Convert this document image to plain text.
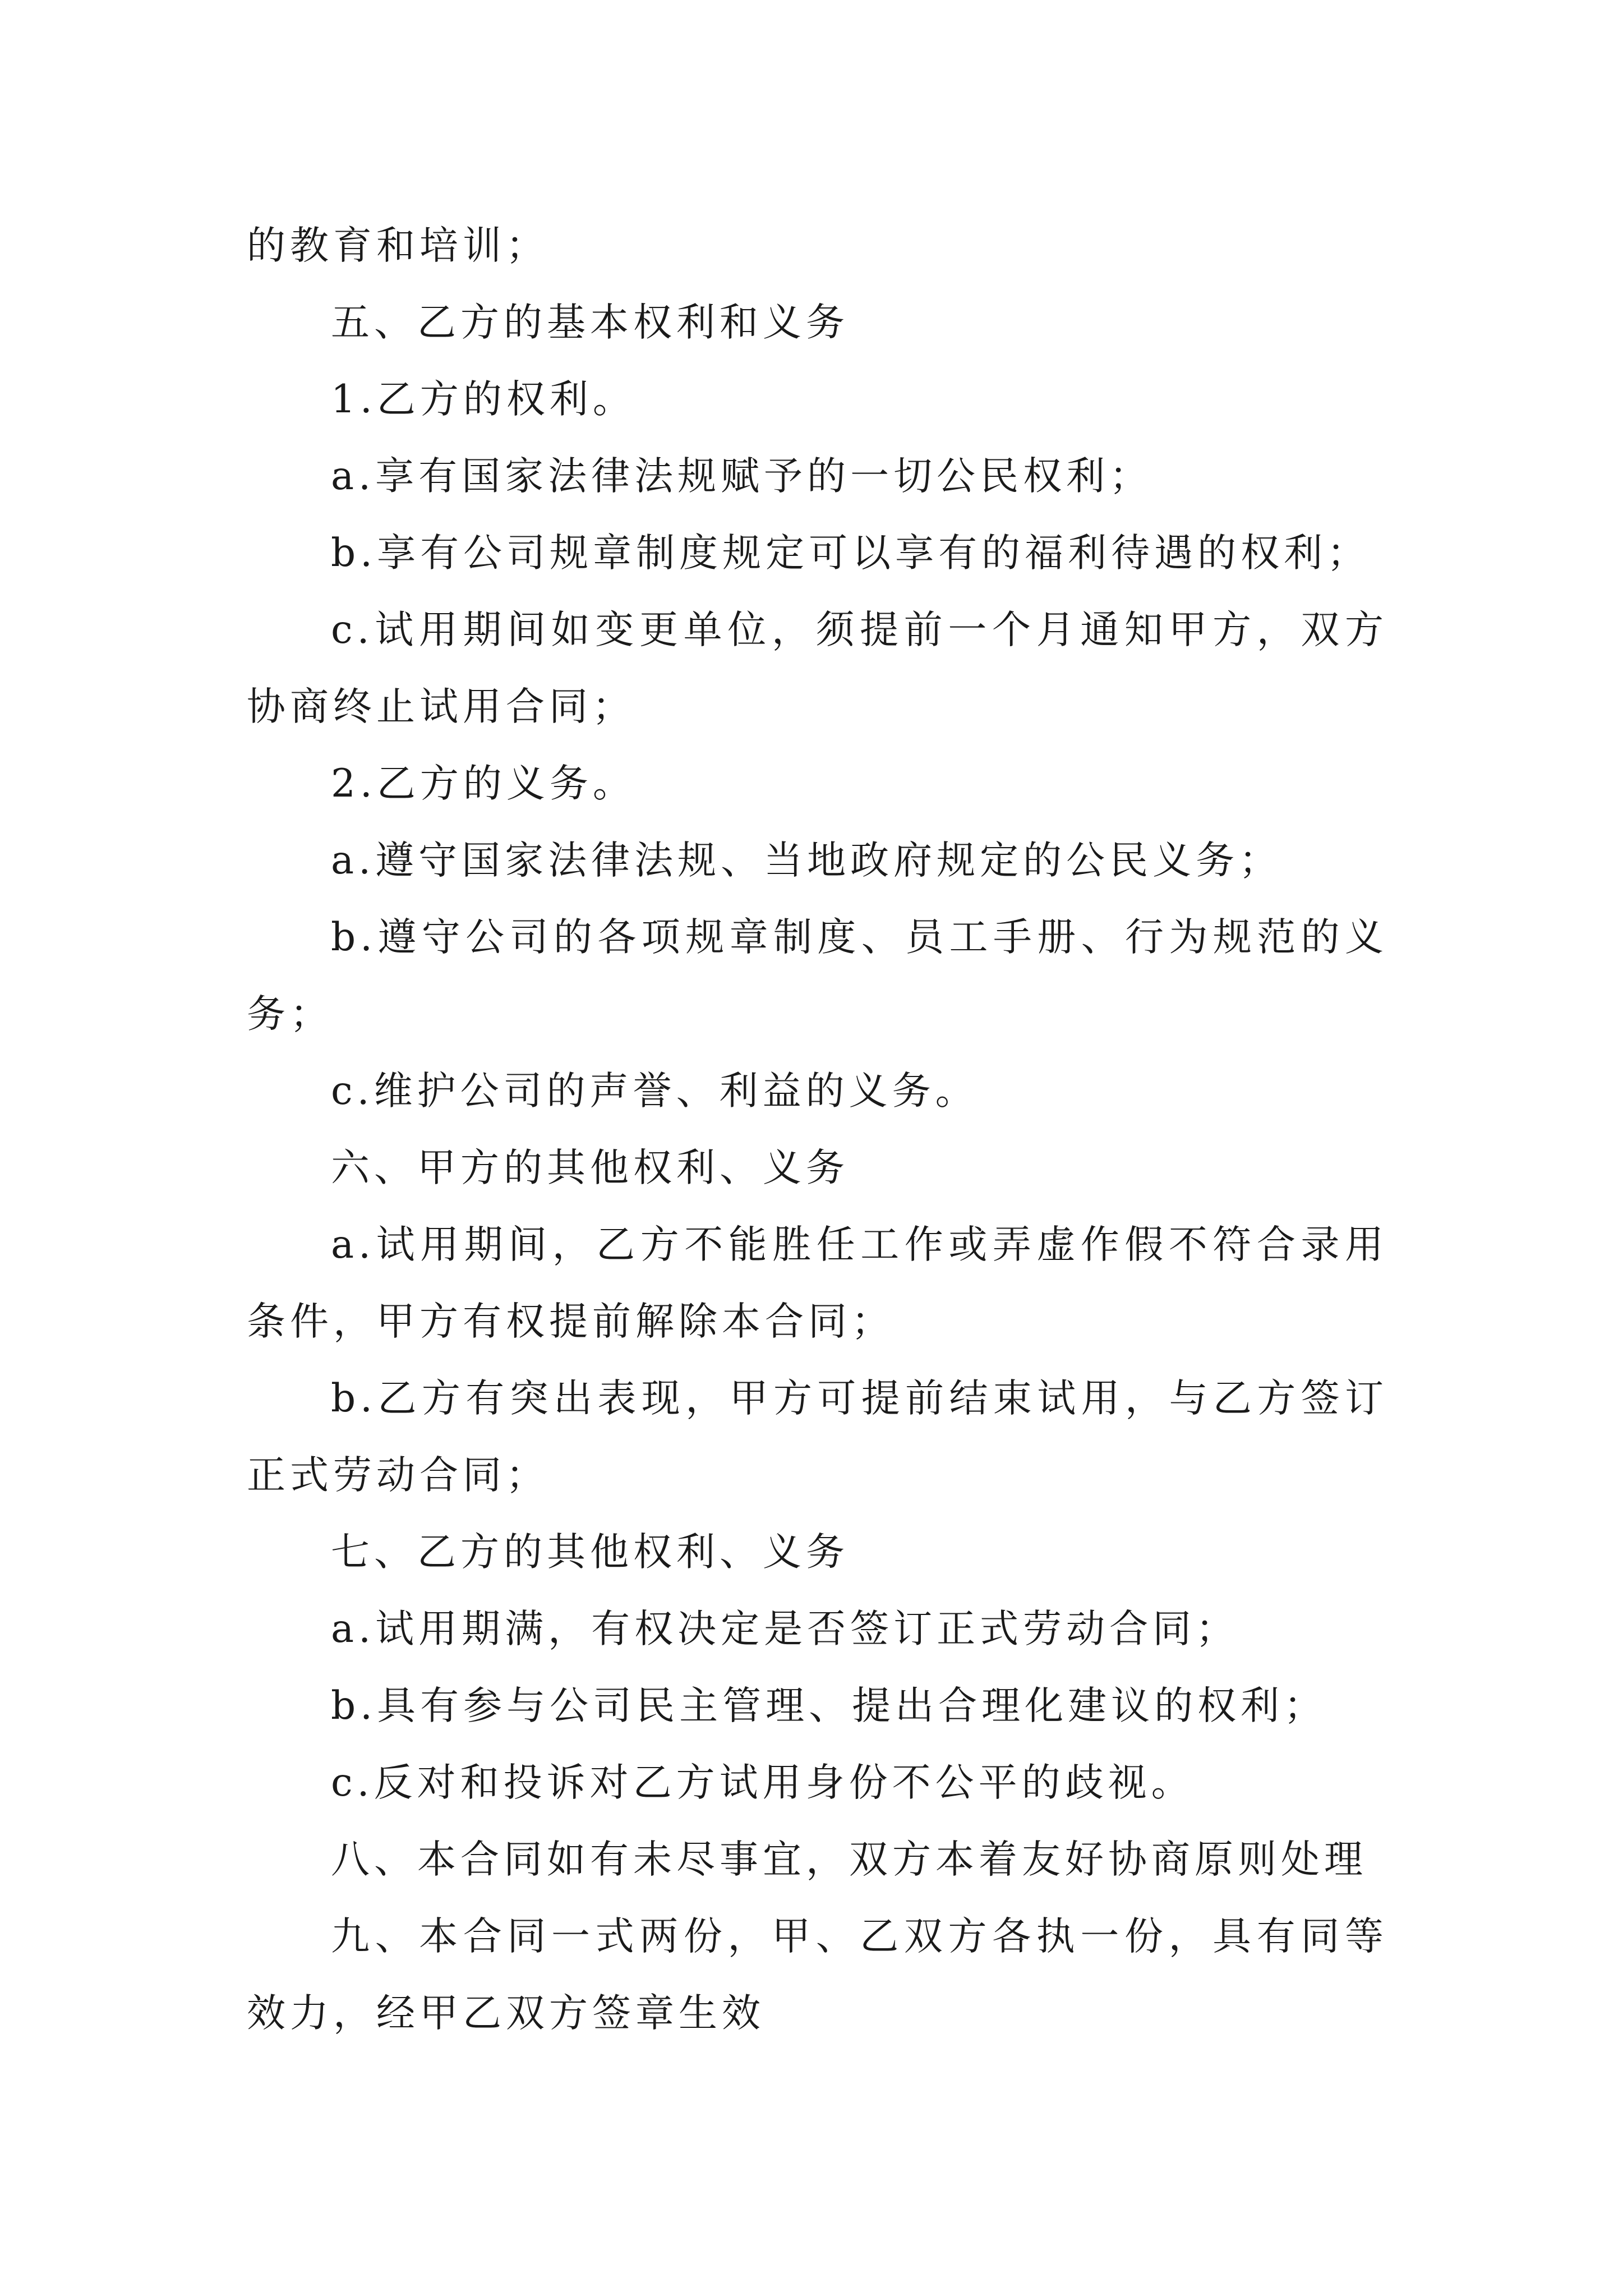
的教育和培训；

五、乙方的基本权利和义务

1.乙方的权利。

a.享有国家法律法规赋予的一切公民权利；

b.享有公司规章制度规定可以享有的福利待遇的权利；

c.试用期间如变更单位，须提前一个月通知甲方，双方协商终止试用合同；

2.乙方的义务。

a.遵守国家法律法规、当地政府规定的公民义务；

b.遵守公司的各项规章制度、员工手册、行为规范的义务；

c.维护公司的声誉、利益的义务。

六、甲方的其他权利、义务

a.试用期间，乙方不能胜任工作或弄虚作假不符合录用条件，甲方有权提前解除本合同；

b.乙方有突出表现，甲方可提前结束试用，与乙方签订正式劳动合同；

七、乙方的其他权利、义务

a.试用期满，有权决定是否签订正式劳动合同；

b.具有参与公司民主管理、提出合理化建议的权利；

c.反对和投诉对乙方试用身份不公平的歧视。

八、本合同如有未尽事宜，双方本着友好协商原则处理

九、本合同一式两份，甲、乙双方各执一份，具有同等效力，经甲乙双方签章生效
